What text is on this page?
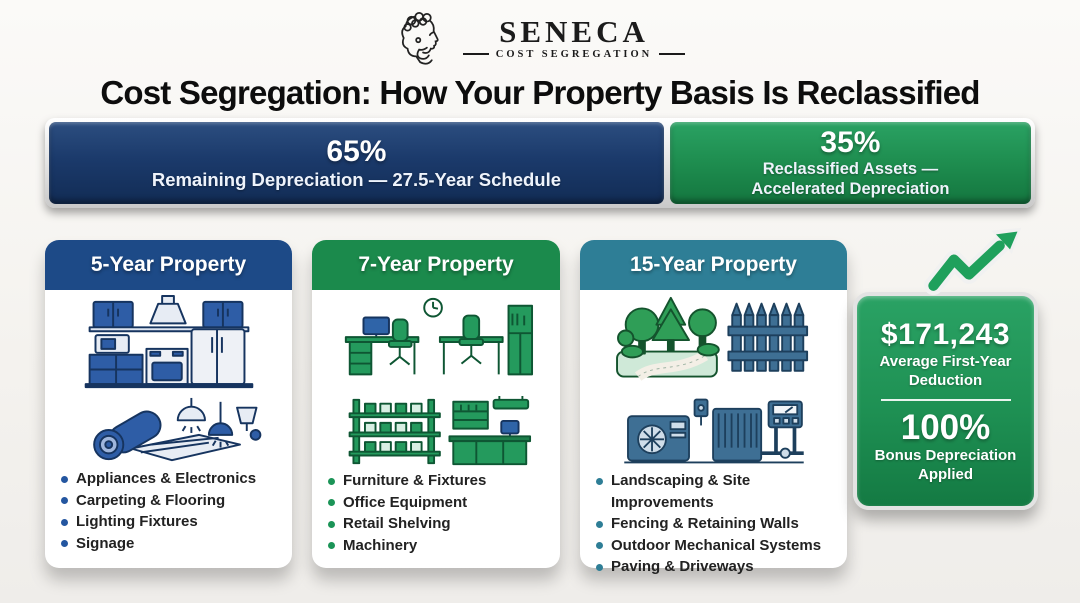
SENECA
COST SEGREGATION
Cost Segregation: How Your Property Basis Is Reclassified
65%
Remaining Depreciation — 27.5-Year Schedule
35%
Reclassified Assets —
Accelerated Depreciation
5-Year Property
Appliances & Electronics
Carpeting & Flooring
Lighting Fixtures
Signage
7-Year Property
Furniture & Fixtures
Office Equipment
Retail Shelving
Machinery
15-Year Property
Landscaping & Site Improvements
Fencing & Retaining Walls
Outdoor Mechanical Systems
Paving & Driveways
$171,243
Average First-Year
Deduction
100%
Bonus Depreciation
Applied
